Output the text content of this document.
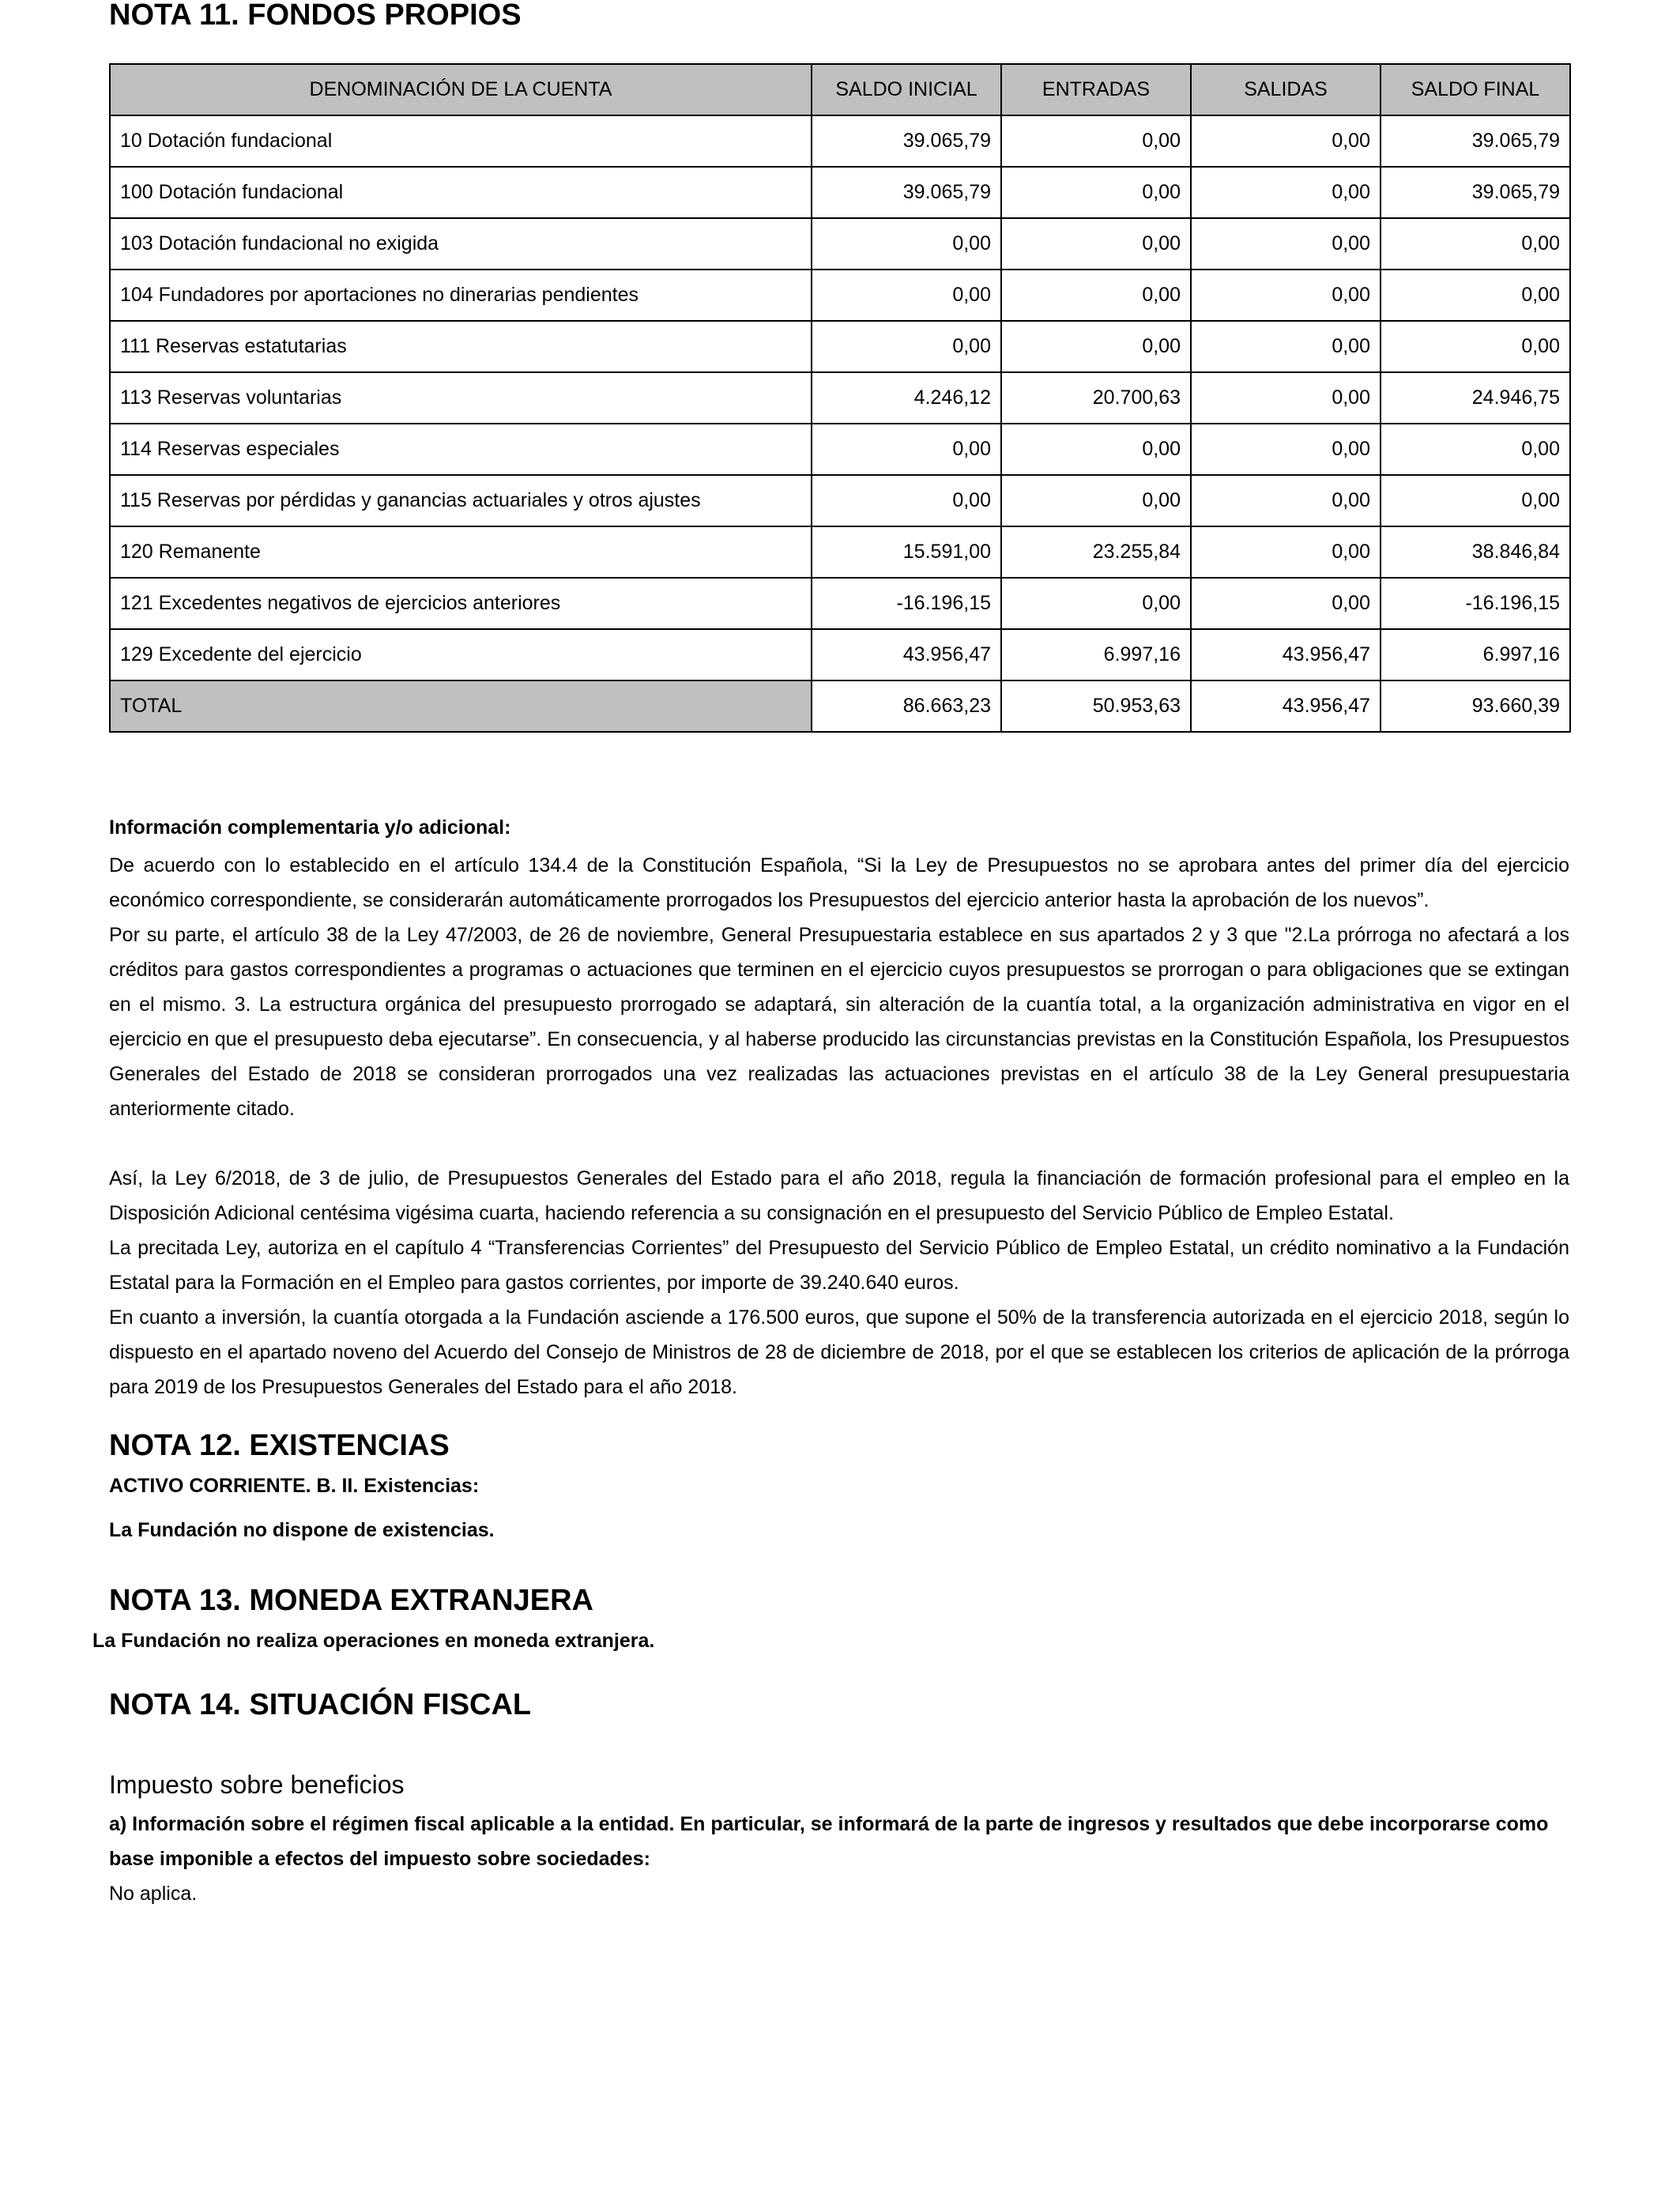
NOTA 11. FONDOS PROPIOS
DENOMINACIÓN DE LA CUENTA	SALDO INICIAL	ENTRADAS	SALIDAS	SALDO FINAL
10 Dotación fundacional	39.065,79	0,00	0,00	39.065,79
100 Dotación fundacional	39.065,79	0,00	0,00	39.065,79
103 Dotación fundacional no exigida	0,00	0,00	0,00	0,00
104 Fundadores por aportaciones no dinerarias pendientes	0,00	0,00	0,00	0,00
111 Reservas estatutarias	0,00	0,00	0,00	0,00
113 Reservas voluntarias	4.246,12	20.700,63	0,00	24.946,75
114 Reservas especiales	0,00	0,00	0,00	0,00
115 Reservas por pérdidas y ganancias actuariales y otros ajustes	0,00	0,00	0,00	0,00
120 Remanente	15.591,00	23.255,84	0,00	38.846,84
121 Excedentes negativos de ejercicios anteriores	-16.196,15	0,00	0,00	-16.196,15
129 Excedente del ejercicio	43.956,47	6.997,16	43.956,47	6.997,16
TOTAL	86.663,23	50.953,63	43.956,47	93.660,39

Información complementaria y/o adicional:

De acuerdo con lo establecido en el artículo 134.4 de la Constitución Española, “Si la Ley de Presupuestos no se aprobara antes del primer día del ejercicio económico correspondiente, se considerarán automáticamente prorrogados los Presupuestos del ejercicio anterior hasta la aprobación de los nuevos”.

Por su parte, el artículo 38 de la Ley 47/2003, de 26 de noviembre, General Presupuestaria establece en sus apartados 2 y 3 que "2.La prórroga no afectará a los créditos para gastos correspondientes a programas o actuaciones que terminen en el ejercicio cuyos presupuestos se prorrogan o para obligaciones que se extingan en el mismo. 3. La estructura orgánica del presupuesto prorrogado se adaptará, sin alteración de la cuantía total, a la organización administrativa en vigor en el ejercicio en que el presupuesto deba ejecutarse”. En consecuencia, y al haberse producido las circunstancias previstas en la Constitución Española, los Presupuestos Generales del Estado de 2018 se consideran prorrogados una vez realizadas las actuaciones previstas en el artículo 38 de la Ley General presupuestaria anteriormente citado.

Así, la Ley 6/2018, de 3 de julio, de Presupuestos Generales del Estado para el año 2018, regula la financiación de formación profesional para el empleo en la Disposición Adicional centésima vigésima cuarta, haciendo referencia a su consignación en el presupuesto del Servicio Público de Empleo Estatal.

La precitada Ley, autoriza en el capítulo 4 “Transferencias Corrientes” del Presupuesto del Servicio Público de Empleo Estatal, un crédito nominativo a la Fundación Estatal para la Formación en el Empleo para gastos corrientes, por importe de 39.240.640 euros.

En cuanto a inversión, la cuantía otorgada a la Fundación asciende a 176.500 euros, que supone el 50% de la transferencia autorizada en el ejercicio 2018, según lo dispuesto en el apartado noveno del Acuerdo del Consejo de Ministros de 28 de diciembre de 2018, por el que se establecen los criterios de aplicación de la prórroga para 2019 de los Presupuestos Generales del Estado para el año 2018.

NOTA 12. EXISTENCIAS

ACTIVO CORRIENTE. B. II. Existencias:

La Fundación no dispone de existencias.

NOTA 13. MONEDA EXTRANJERA

La Fundación no realiza operaciones en moneda extranjera.

NOTA 14. SITUACIÓN FISCAL

Impuesto sobre beneficios

a) Información sobre el régimen fiscal aplicable a la entidad. En particular, se informará de la parte de ingresos y resultados que debe incorporarse como

base imponible a efectos del impuesto sobre sociedades:

No aplica.
